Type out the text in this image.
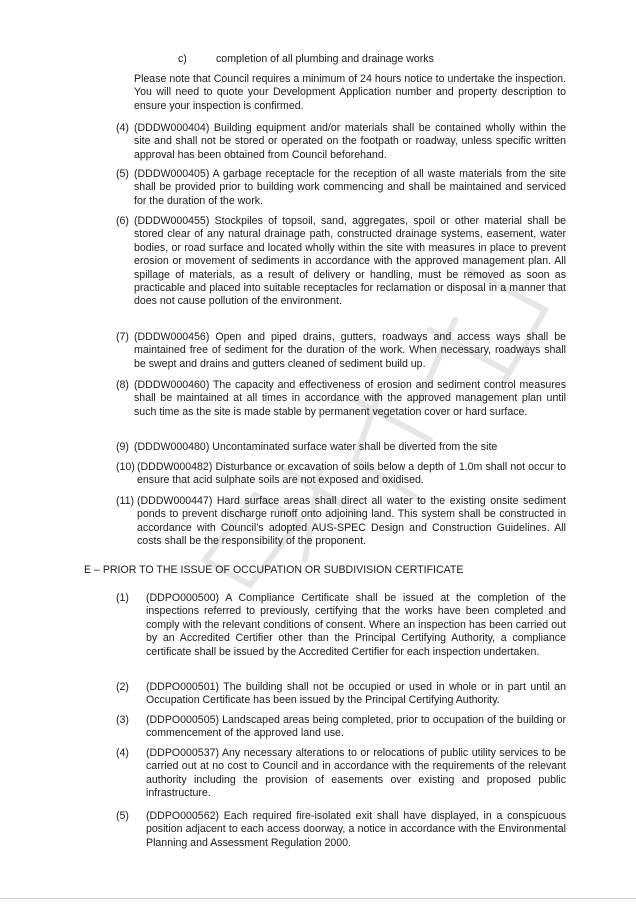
c)	completion of all plumbing and drainage works

Please note that Council requires a minimum of 24 hours notice to undertake the inspection. You will need to quote your Development Application number and property description to ensure your inspection is confirmed.

(4) (DDDW000404) Building equipment and/or materials shall be contained wholly within the site and shall not be stored or operated on the footpath or roadway, unless specific written approval has been obtained from Council beforehand.

(5) (DDDW000405) A garbage receptacle for the reception of all waste materials from the site shall be provided prior to building work commencing and shall be maintained and serviced for the duration of the work.

(6) (DDDW000455) Stockpiles of topsoil, sand, aggregates, spoil or other material shall be stored clear of any natural drainage path, constructed drainage systems, easement, water bodies, or road surface and located wholly within the site with measures in place to prevent erosion or movement of sediments in accordance with the approved management plan. All spillage of materials, as a result of delivery or handling, must be removed as soon as practicable and placed into suitable receptacles for reclamation or disposal in a manner that does not cause pollution of the environment.

(7) (DDDW000456) Open and piped drains, gutters, roadways and access ways shall be maintained free of sediment for the duration of the work. When necessary, roadways shall be swept and drains and gutters cleaned of sediment build up.

(8) (DDDW000460) The capacity and effectiveness of erosion and sediment control measures shall be maintained at all times in accordance with the approved management plan until such time as the site is made stable by permanent vegetation cover or hard surface.

(9) (DDDW000480) Uncontaminated surface water shall be diverted from the site

(10) (DDDW000482) Disturbance or excavation of soils below a depth of 1.0m shall not occur to ensure that acid sulphate soils are not exposed and oxidised.

(11) (DDDW000447) Hard surface areas shall direct all water to the existing onsite sediment ponds to prevent discharge runoff onto adjoining land. This system shall be constructed in accordance with Council’s adopted AUS-SPEC Design and Construction Guidelines. All costs shall be the responsibility of the proponent.

E – PRIOR TO THE ISSUE OF OCCUPATION OR SUBDIVISION CERTIFICATE
(1) (DDPO000500) A Compliance Certificate shall be issued at the completion of the inspections referred to previously, certifying that the works have been completed and comply with the relevant conditions of consent. Where an inspection has been carried out by an Accredited Certifier other than the Principal Certifying Authority, a compliance certificate shall be issued by the Accredited Certifier for each inspection undertaken.

(2) (DDPO000501) The building shall not be occupied or used in whole or in part until an Occupation Certificate has been issued by the Principal Certifying Authority.

(3) (DDPO000505) Landscaped areas being completed, prior to occupation of the building or commencement of the approved land use.

(4) (DDPO000537) Any necessary alterations to or relocations of public utility services to be carried out at no cost to Council and in accordance with the requirements of the relevant authority including the provision of easements over existing and proposed public infrastructure.

(5) (DDPO000562) Each required fire-isolated exit shall have displayed, in a conspicuous position adjacent to each access doorway, a notice in accordance with the Environmental Planning and Assessment Regulation 2000.
